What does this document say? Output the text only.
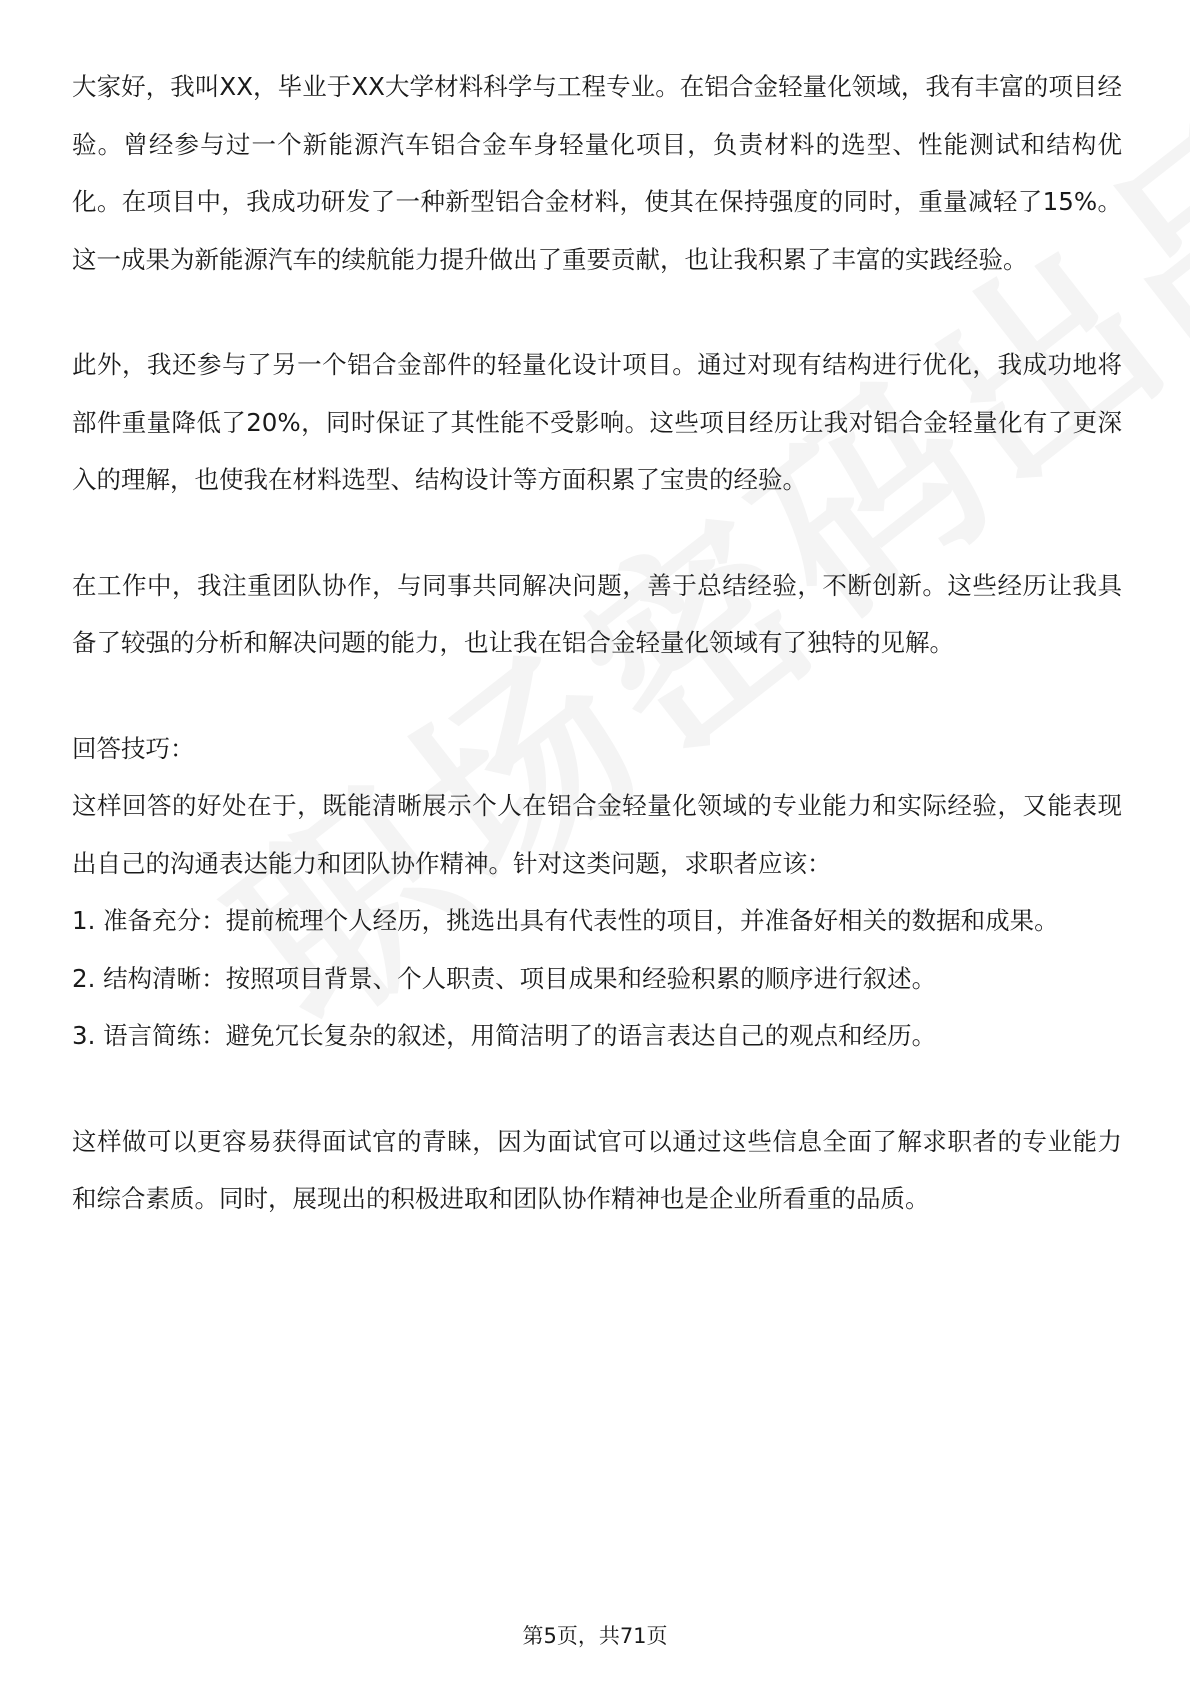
大家好，我叫XX，毕业于XX大学材料科学与工程专业。在铝合金轻量化领域，我有丰富的项目经验。曾经参与过一个新能源汽车铝合金车身轻量化项目，负责材料的选型、性能测试和结构优化。在项目中，我成功研发了一种新型铝合金材料，使其在保持强度的同时，重量减轻了15%。这一成果为新能源汽车的续航能力提升做出了重要贡献，也让我积累了丰富的实践经验。

此外，我还参与了另一个铝合金部件的轻量化设计项目。通过对现有结构进行优化，我成功地将部件重量降低了20%，同时保证了其性能不受影响。这些项目经历让我对铝合金轻量化有了更深入的理解，也使我在材料选型、结构设计等方面积累了宝贵的经验。

在工作中，我注重团队协作，与同事共同解决问题，善于总结经验，不断创新。这些经历让我具备了较强的分析和解决问题的能力，也让我在铝合金轻量化领域有了独特的见解。

回答技巧：

这样回答的好处在于，既能清晰展示个人在铝合金轻量化领域的专业能力和实际经验，又能表现出自己的沟通表达能力和团队协作精神。针对这类问题，求职者应该：

1. 准备充分：提前梳理个人经历，挑选出具有代表性的项目，并准备好相关的数据和成果。

2. 结构清晰：按照项目背景、个人职责、项目成果和经验积累的顺序进行叙述。

3. 语言简练：避免冗长复杂的叙述，用简洁明了的语言表达自己的观点和经历。

这样做可以更容易获得面试官的青睐，因为面试官可以通过这些信息全面了解求职者的专业能力和综合素质。同时，展现出的积极进取和团队协作精神也是企业所看重的品质。

第5页，共71页
